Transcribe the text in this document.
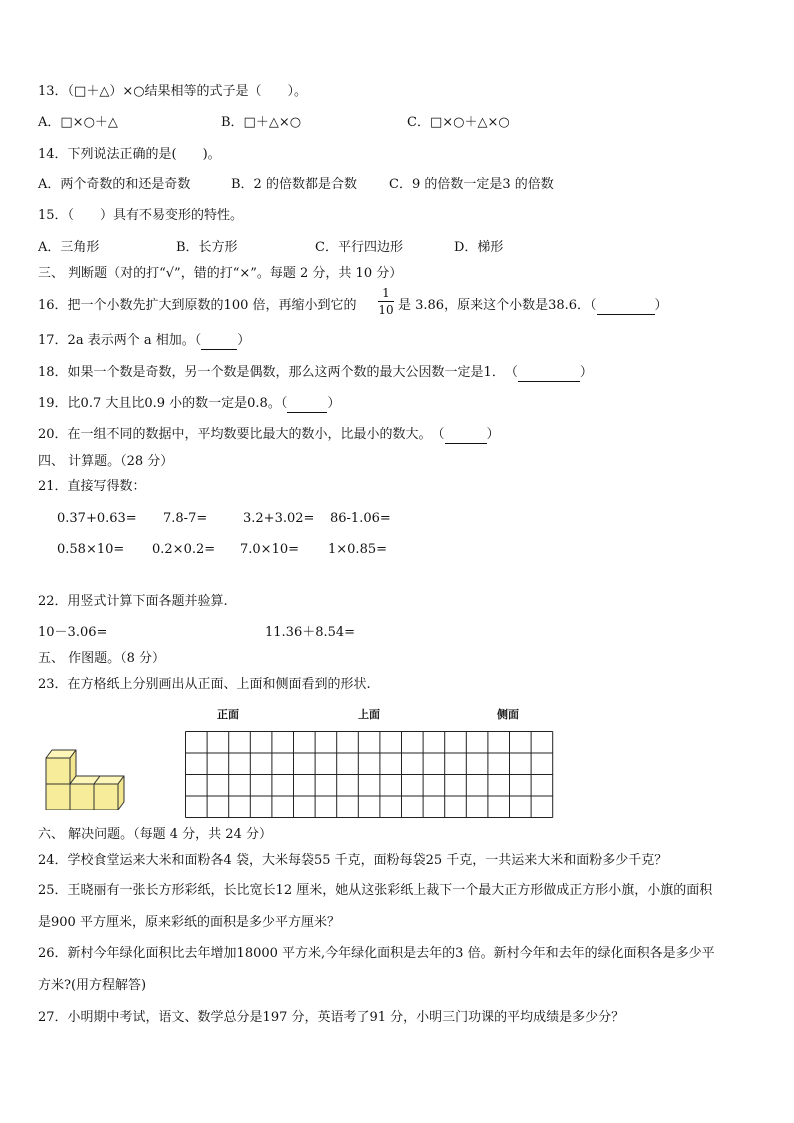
13．（□＋△）×○结果相等的式子是（　　）。
A．□×○＋△	B．□＋△×○	C．□×○＋△×○
14．下列说法正确的是(　　)。
A．两个奇数的和还是奇数	B．2 的倍数都是合数 C．9 的倍数一定是3 的倍数
15．（　　）具有不易变形的特性。
A．三角形	B．长方形	C．平行四边形	D．梯形
三、 判断题（对的打“√”，错的打“×”。每题 2 分，共 10 分）
16．把一个小数先扩大到原数的100 倍，再缩小到它的
1
10 是 3.86，原来这个小数是38.6．（	）
17．2a 表示两个 a 相加。（	）
18．如果一个数是奇数，另一个数是偶数，那么这两个数的最大公因数一定是1．　（	）
19．比0.7 大且比0.9 小的数一定是0.8。（	）
20．在一组不同的数据中，平均数要比最大的数小，比最小的数大。　（	）
四、 计算题。（28 分）
21．直接写得数：
0.37+0.63= 7.8-7=	3.2+3.02= 86-1.06=
0.58×10= 0.2×0.2= 7.0×10= 1×0.85=
22．用竖式计算下面各题并验算.
10－3.06=	11.36＋8.54=
五、 作图题。（8 分）
23．在方格纸上分别画出从正面、上面和侧面看到的形状.
正面	上面	侧面
六、 解决问题。（每题 4 分，共 24 分）
24．学校食堂运来大米和面粉各4 袋，大米每袋55 千克，面粉每袋25 千克，一共运来大米和面粉多少千克？
25．王晓丽有一张长方形彩纸，长比宽长12 厘米，她从这张彩纸上裁下一个最大正方形做成正方形小旗，小旗的面积
是900 平方厘米，原来彩纸的面积是多少平方厘米？
26．新村今年绿化面积比去年增加18000 平方米,今年绿化面积是去年的3 倍。新村今年和去年的绿化面积各是多少平
方米?(用方程解答)
27．小明期中考试，语文、数学总分是197 分，英语考了91 分，小明三门功课的平均成绩是多少分？
